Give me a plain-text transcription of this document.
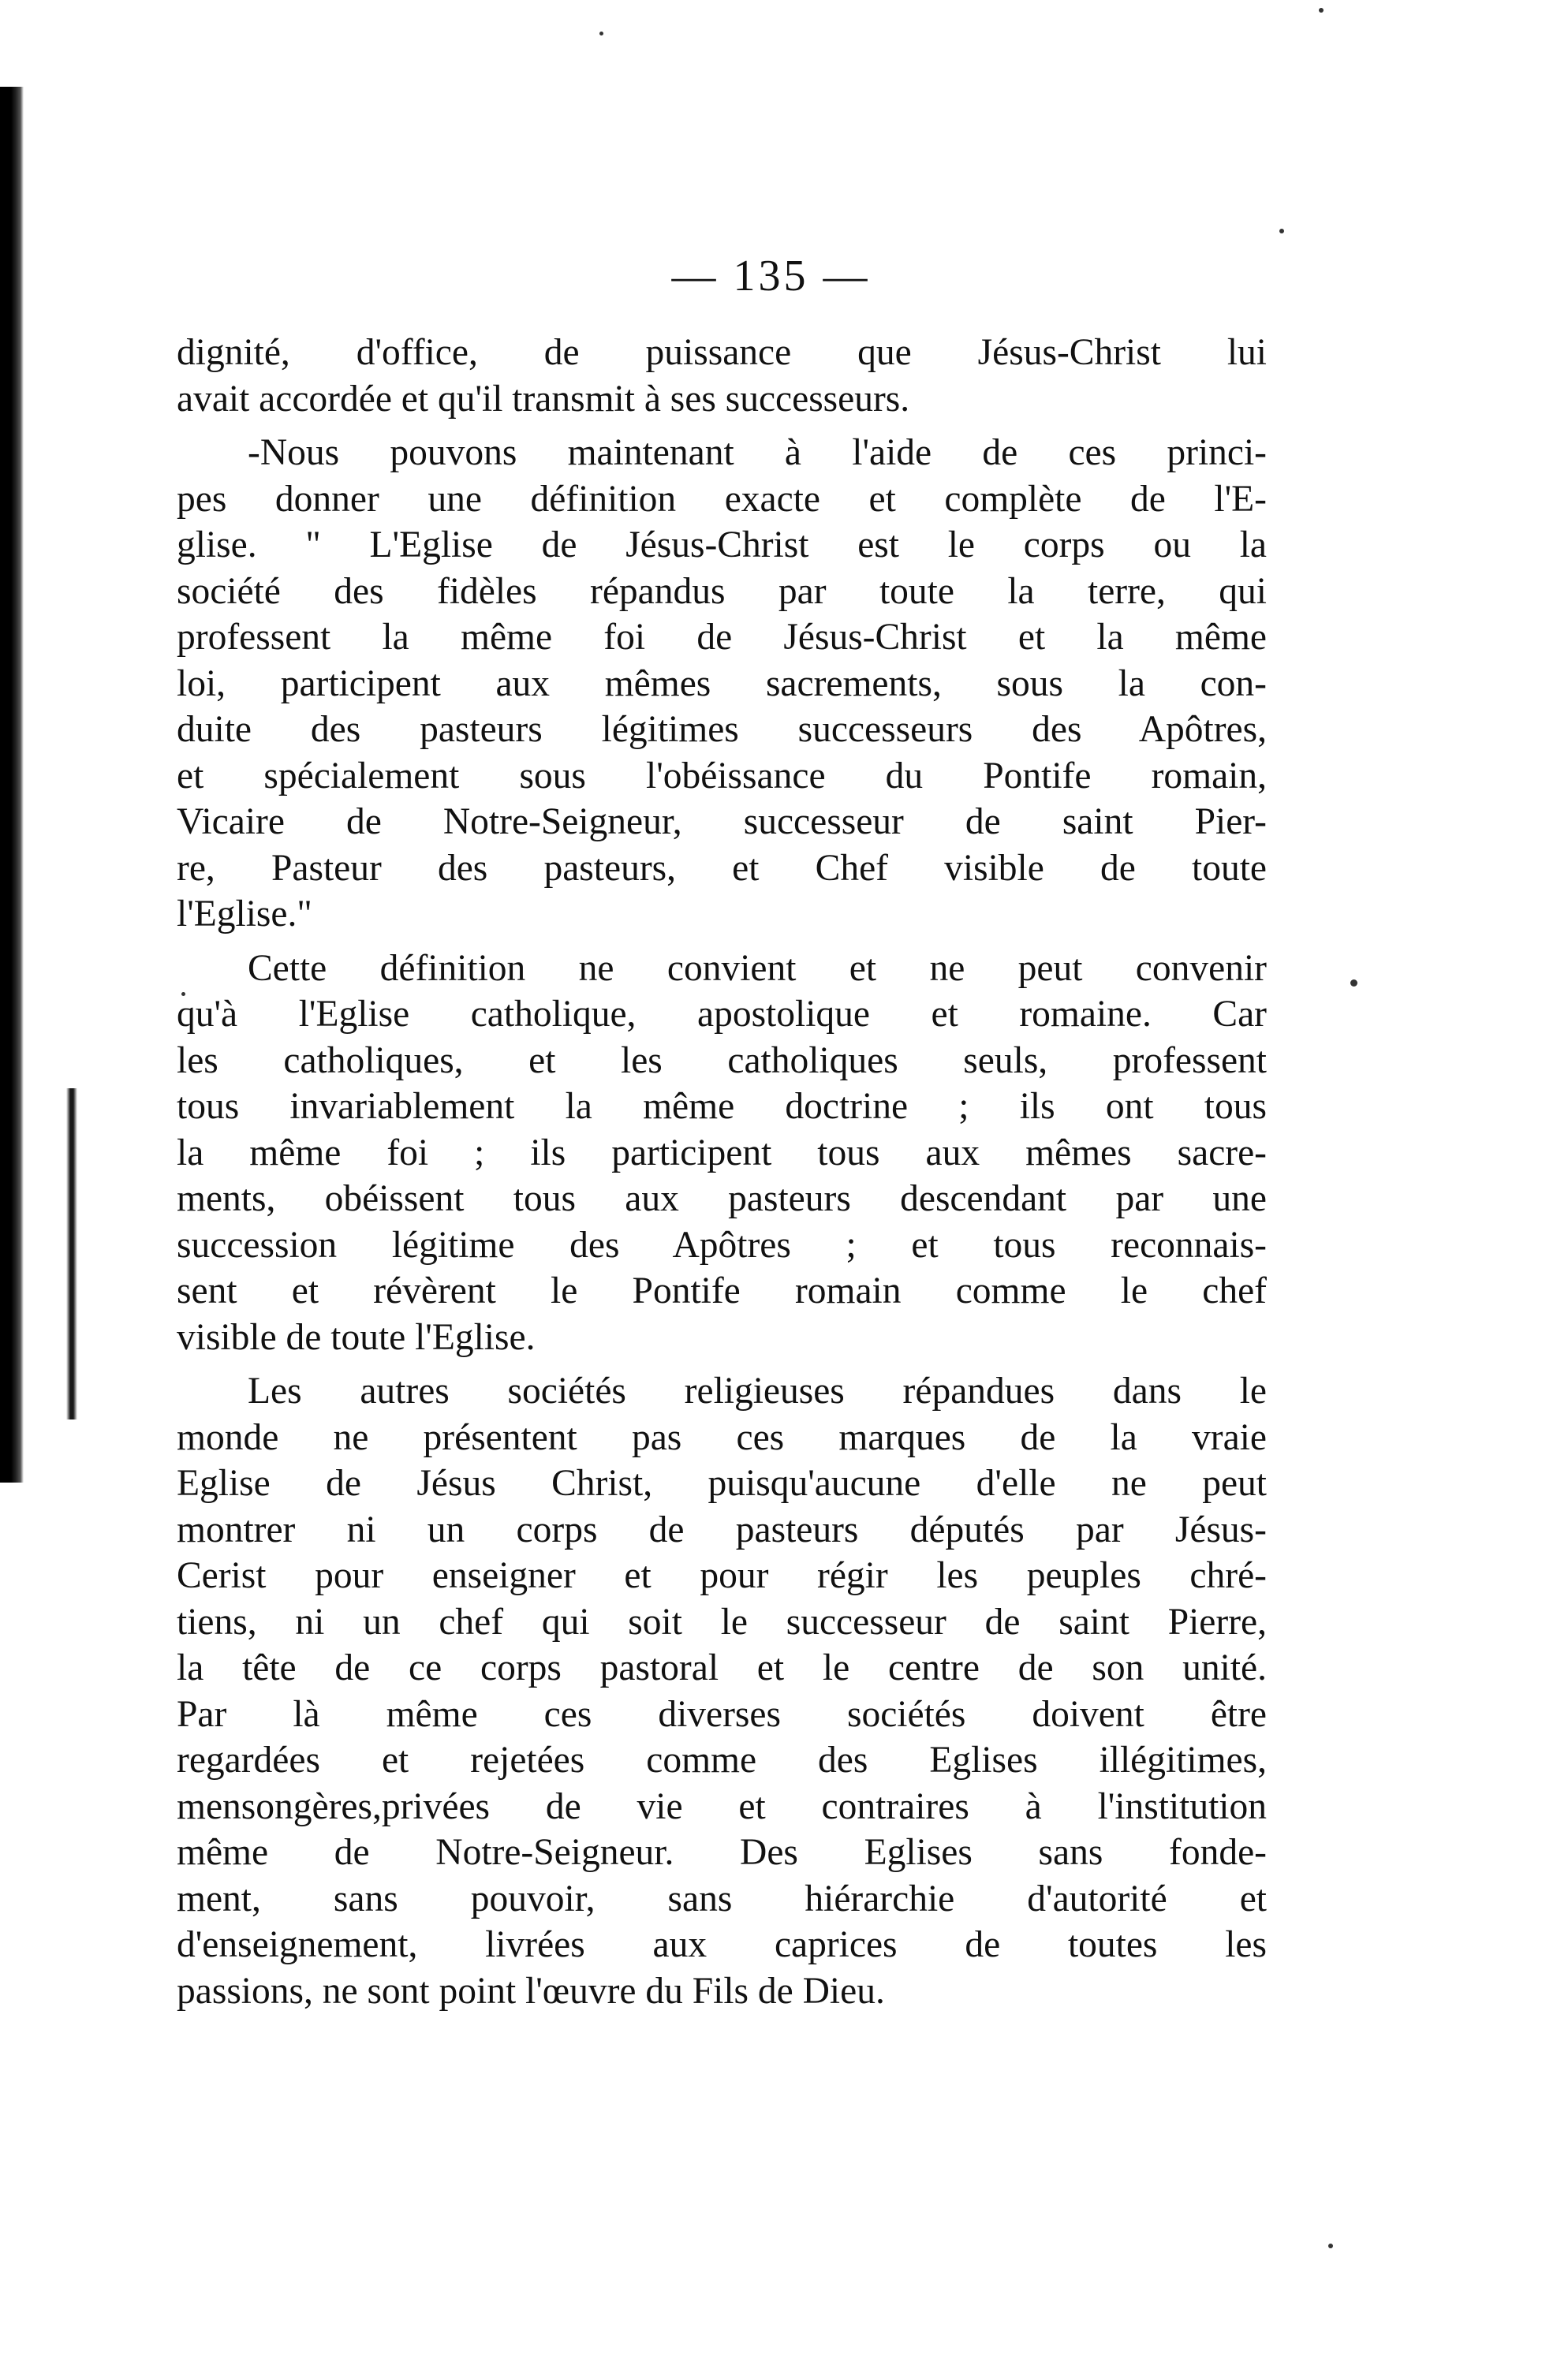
— 135 —
dignité, d'office, de puissance que Jésus-Christ lui
avait accordée et qu'il transmit à ses successeurs.
-Nous pouvons maintenant à l'aide de ces princi-
pes donner une définition exacte et complète de l'E-
glise. " L'Eglise de Jésus-Christ est le corps ou la
société des fidèles répandus par toute la terre, qui
professent la même foi de Jésus-Christ et la même
loi, participent aux mêmes sacrements, sous la con-
duite des pasteurs légitimes successeurs des Apôtres,
et spécialement sous l'obéissance du Pontife romain,
Vicaire de Notre-Seigneur, successeur de saint Pier-
re, Pasteur des pasteurs, et Chef visible de toute
l'Eglise."
Cette définition ne convient et ne peut convenir
qu'à l'Eglise catholique, apostolique et romaine. Car
les catholiques, et les catholiques seuls, professent
tous invariablement la même doctrine ; ils ont tous
la même foi ; ils participent tous aux mêmes sacre-
ments, obéissent tous aux pasteurs descendant par une
succession légitime des Apôtres ; et tous reconnais-
sent et révèrent le Pontife romain comme le chef
visible de toute l'Eglise.
Les autres sociétés religieuses répandues dans le
monde ne présentent pas ces marques de la vraie
Eglise de Jésus Christ, puisqu'aucune d'elle ne peut
montrer ni un corps de pasteurs députés par Jésus-
Cerist pour enseigner et pour régir les peuples chré-
tiens, ni un chef qui soit le successeur de saint Pierre,
la tête de ce corps pastoral et le centre de son unité.
Par là même ces diverses sociétés doivent être
regardées et rejetées comme des Eglises illégitimes,
mensongères,privées de vie et contraires à l'institution
même de Notre-Seigneur. Des Eglises sans fonde-
ment, sans pouvoir, sans hiérarchie d'autorité et
d'enseignement, livrées aux caprices de toutes les
passions, ne sont point l'œuvre du Fils de Dieu.
